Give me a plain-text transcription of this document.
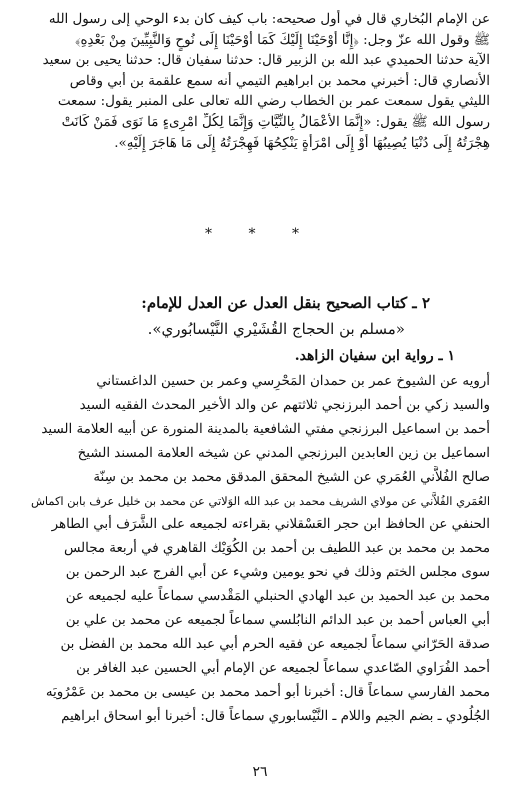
عن الإمام البُخاري قال في أول صحيحه: باب كيف كان بدء الوحي إلى رسول الله
ﷺ وقول الله عزّ وجل: ﴿إِنَّا أَوْحَيْنَا إِلَيْكَ كَمَا أَوْحَيْنَا إِلَى نُوحٍ وَالنَّبِيِّينَ مِنْ بَعْدِهِ﴾
الآية حدثنا الحميدي عبد الله بن الزبير قال: حدثنا سفيان قال: حدثنا يحيى بن سعيد
الأنصاري قال: أخبرني محمد بن ابراهيم التيمي أنه سمع علقمة بن أبي وقاص
الليثي يقول سمعت عمر بن الخطاب رضي الله تعالى على المنبر يقول: سمعت
رسول الله ﷺ يقول: «إِنَّمَا الأَعْمَالُ بِالنِّيَّاتِ وَإِنَّمَا لِكُلِّ امْرِىءٍ مَا نَوَى فَمَنْ كَانَتْ
هِجْرَتُهُ إِلَى دُنْيَا يُصِيبُهَا أَوْ إِلَى امْرَأَةٍ يَنْكِحُهَا فَهِجْرَتُهُ إِلَى مَا هَاجَرَ إِلَيْهِ».
* * *
٢ ـ كتاب الصحيح بنقل العدل عن العدل للإمام:
«مسلم بن الحجاج القُشَيْري النَّيْسابُوري».
١ ـ رواية ابن سفيان الزاهد.
أرويه عن الشيوخ عمر بن حمدان المَحْرِسي وعمر بن حسين الداغستاني
والسيد زكي بن أحمد البرزنجي ثلاثتهم عن والد الأخير المحدث الفقيه السيد
أحمد بن اسماعيل البرزنجي مفتي الشافعية بالمدينة المنورة عن أبيه العلامة السيد
اسماعيل بن زين العابدين البرزنجي المدني عن شيخه العلامة المسند الشيخ
صالح الفُلاَّني العُمَري عن الشيخ المحقق المدقق محمد بن محمد بن سِنّة
العُمَري الفُلاَّني عن مولاي الشريف محمد بن عبد الله الوَلاتي عن محمد بن خليل عرف بابن اكماش
الحنفي عن الحافظ ابن حجر العَسْقلاني بقراءته لجميعه على الشَّرَف أبي الطاهر
محمد بن محمد بن عبد اللطيف بن أحمد بن الكُوَيْك القاهري في أربعة مجالس
سوى مجلس الختم وذلك في نحو يومين وشيء عن أبي الفرج عبد الرحمن بن
محمد بن عبد الحميد بن عبد الهادي الحنبلي المَقْدسي سماعاً عليه لجميعه عن
أبي العباس أحمد بن عبد الدائم النابُلسي سماعاً لجميعه عن محمد بن علي بن
صدقة الحَرّاني سماعاً لجميعه عن فقيه الحرم أبي عبد الله محمد بن الفضل بن
أحمد الفُرَاوي الصّاعدي سماعاً لجميعه عن الإمام أبي الحسين عبد الغافر بن
محمد الفارسي سماعاً قال: أخبرنا أبو أحمد محمد بن عيسى بن محمد بن عَمْرُويَه
الجُلُودي ـ بضم الجيم واللام ـ النَّيْسابوري سماعاً قال: أخبرنا أبو اسحاق ابراهيم
٢٦
